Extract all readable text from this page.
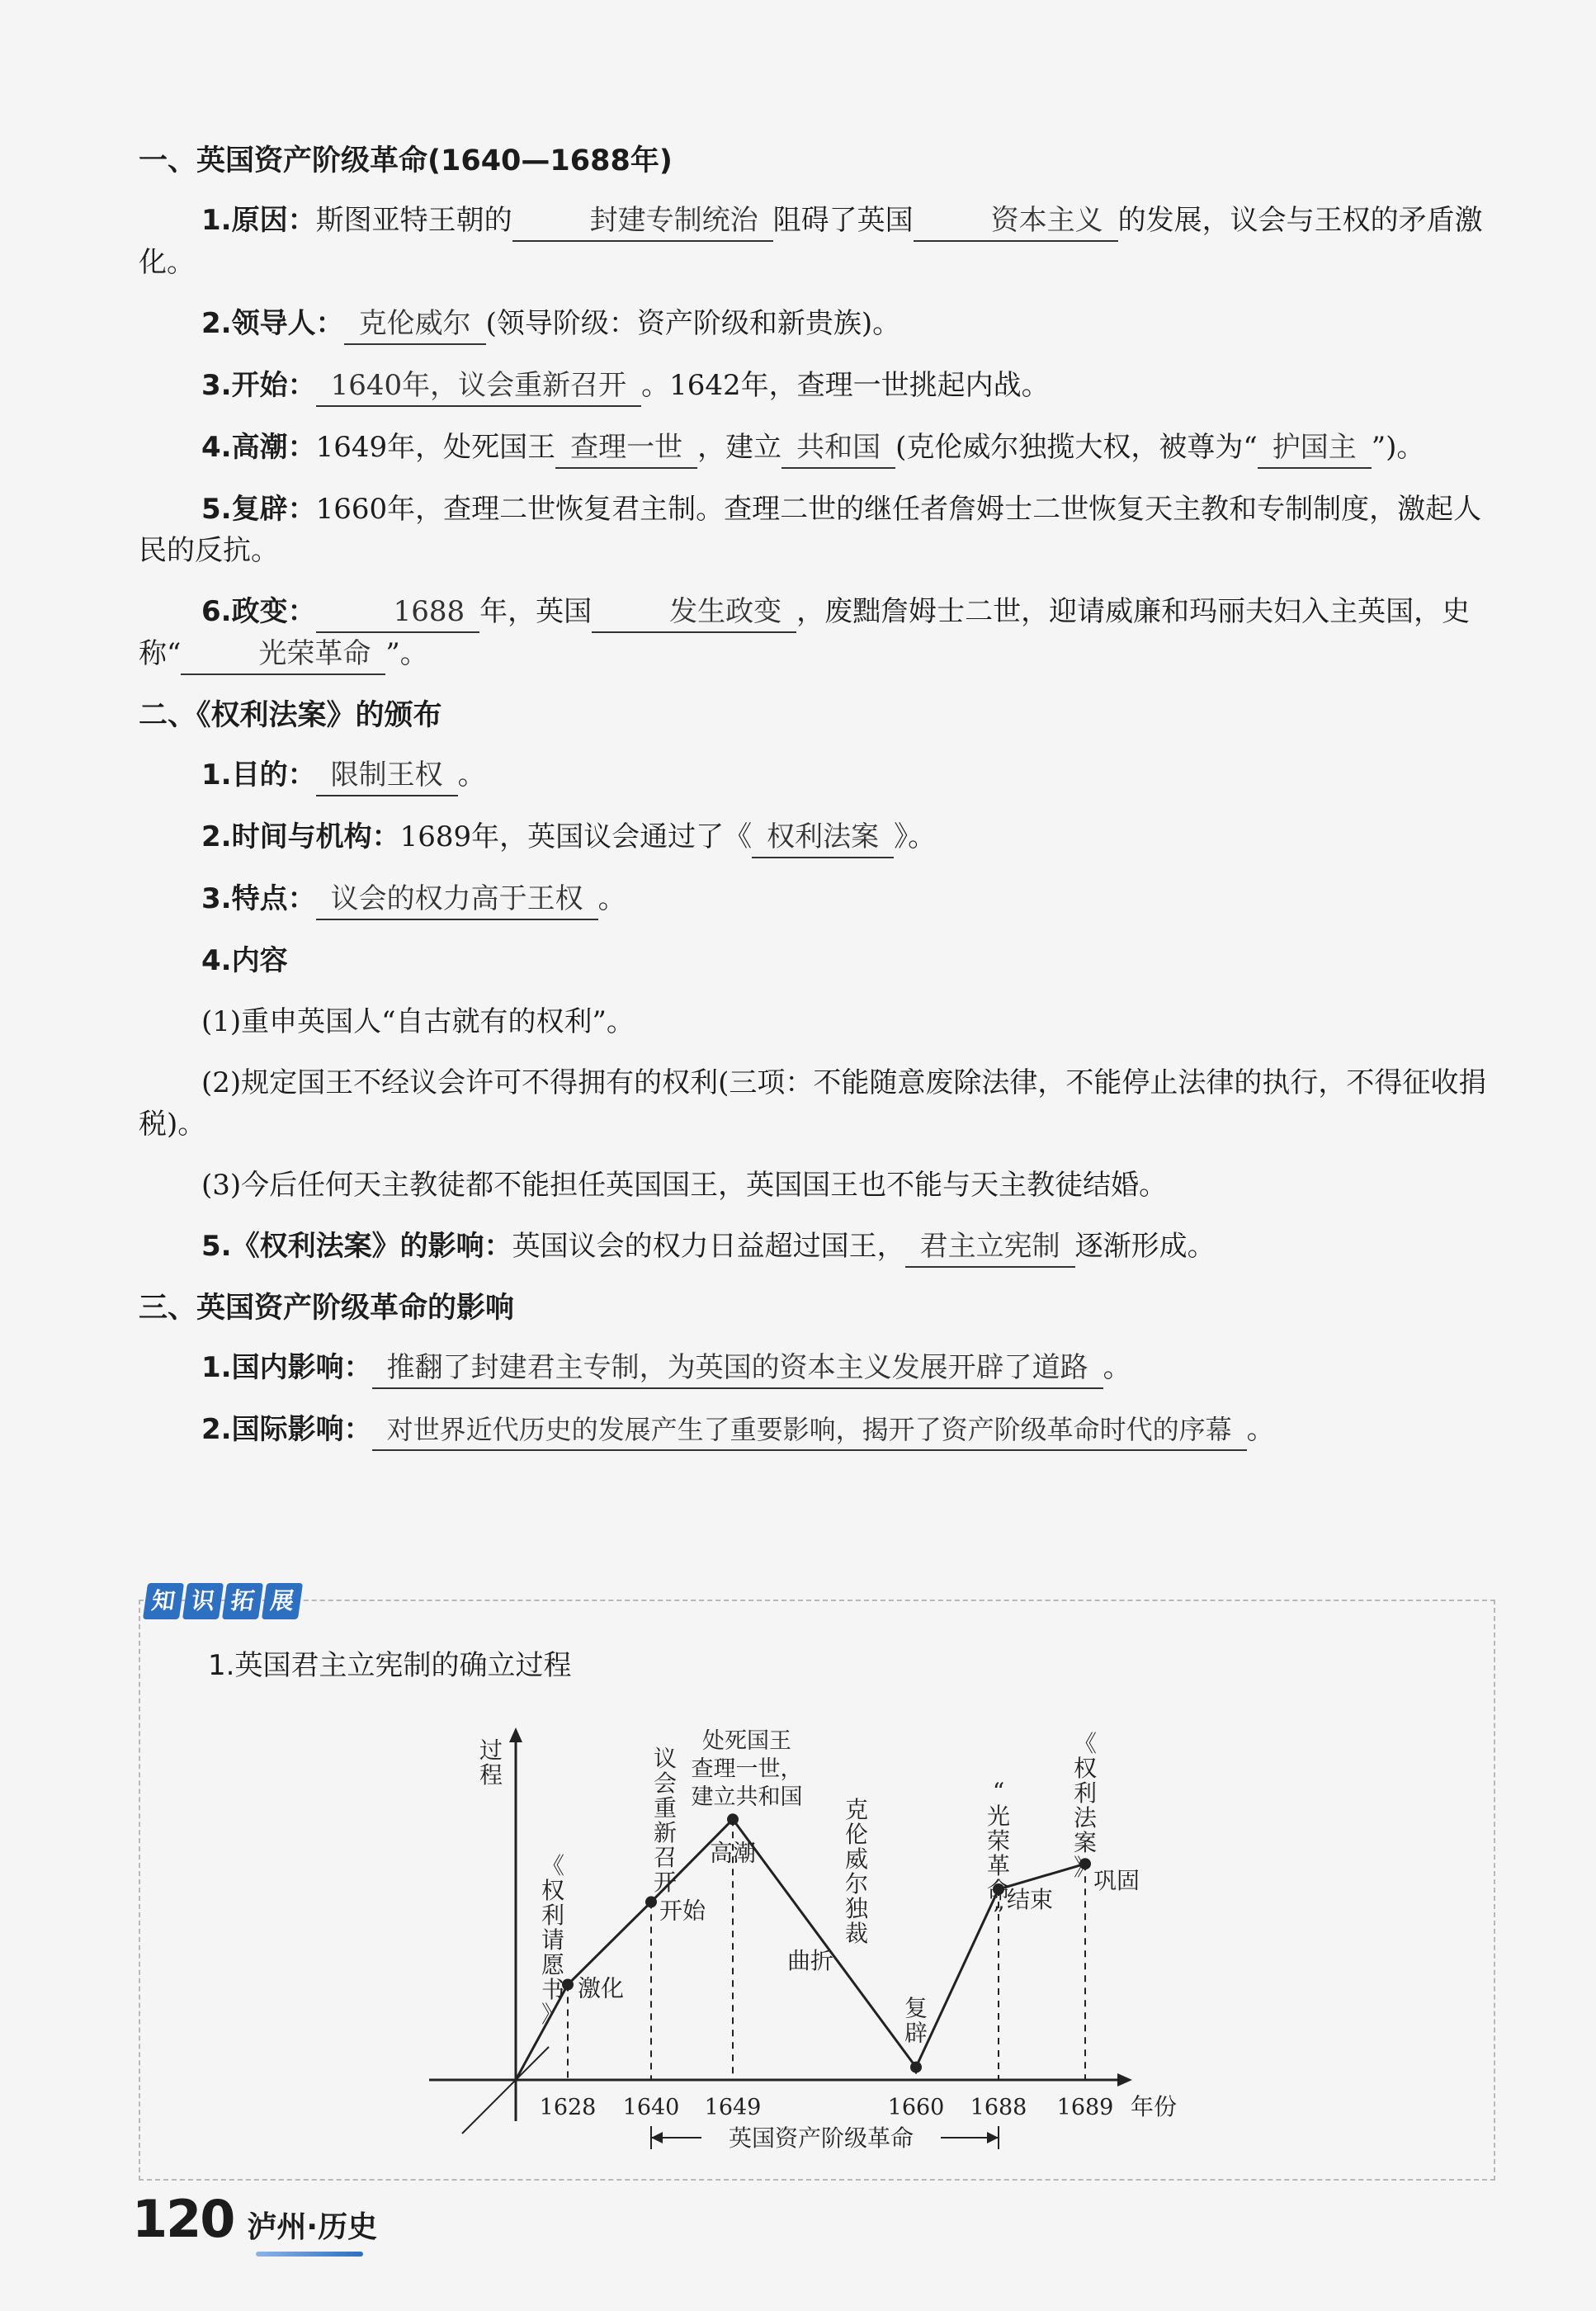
一、英国资产阶级革命(1640—1688年)
1.原因：斯图亚特王朝的	封建专制统治 阻碍了英国	资本主义 的发展，议会与王权的矛盾激化。
2.领导人： 克伦威尔 (领导阶级：资产阶级和新贵族)。
3.开始： 1640年，议会重新召开 。1642年，查理一世挑起内战。
4.高潮：1649年，处死国王 查理一世 ，建立 共和国 (克伦威尔独揽大权，被尊为“ 护国主 ”)。
5.复辟：1660年，查理二世恢复君主制。查理二世的继任者詹姆士二世恢复天主教和专制制度，激起人民的反抗。
6.政变：	1688 年，英国	发生政变 ，废黜詹姆士二世，迎请威廉和玛丽夫妇入主英国，史称“	光荣革命 ”。
二、《权利法案》的颁布
1.目的： 限制王权 。
2.时间与机构：1689年，英国议会通过了《 权利法案 》。
3.特点： 议会的权力高于王权 。
4.内容
(1)重申英国人“自古就有的权利”。
(2)规定国王不经议会许可不得拥有的权利(三项：不能随意废除法律，不能停止法律的执行，不得征收捐税)。
(3)今后任何天主教徒都不能担任英国国王，英国国王也不能与天主教徒结婚。
5.《权利法案》的影响：英国议会的权力日益超过国王， 君主立宪制 逐渐形成。
三、英国资产阶级革命的影响
1.国内影响： 推翻了封建君主专制，为英国的资本主义发展开辟了道路 。
2.国际影响： 对世界近代历史的发展产生了重要影响，揭开了资产阶级革命时代的序幕 。
知 识 拓 展
1.英国君主立宪制的确立过程
过
程
年份
1628 1640 1649	1660 1688 1689
激化
开始
高潮
复
辟
结束
巩固
《
权
利
请
愿
书
》
议
会
重
新
召
开
处死国王
查理一世，
建立共和国	“
光
荣
革
命
”
《
权
利
法
案
》
曲折
克
伦
威
尔
独
裁
英国资产阶级革命
120 泸州·历史
